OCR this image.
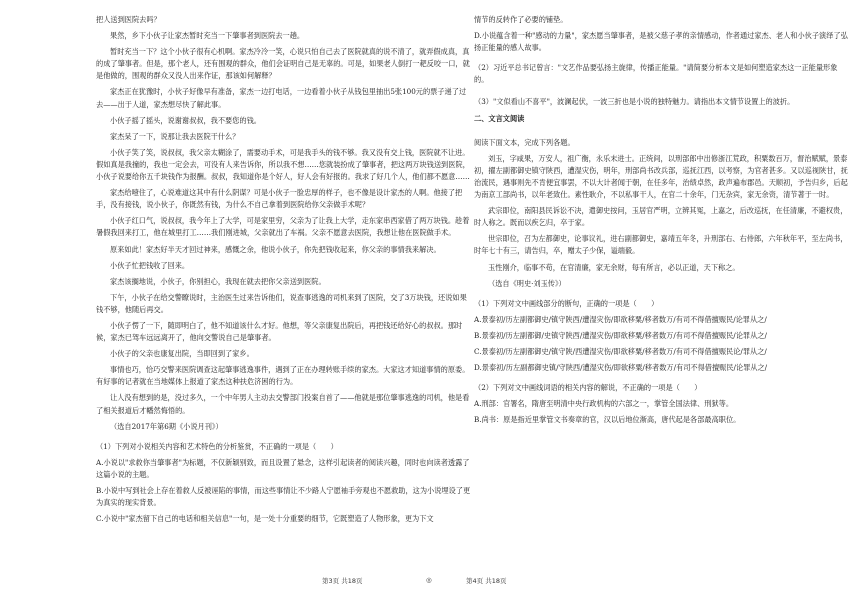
把人送到医院去吗？

果然，乡下小伙子让家杰暂时充当一下肇事者到医院去一趟。

暂时充当一下？这个小伙子很有心机啊。家杰冷冷一笑，心说只怕自己去了医院就真的说不清了，就弄假成真，真的成了肇事者。但是，那个老人，还有围观的群众，他们会证明自己是无辜的。可是，如果老人倒打一耙反咬一口，就是他做的，围观的群众又没人出来作证，那该如何解释？

家杰正在犹豫时，小伙子好像早有准备，家杰一边打电话，一边看着小伙子从钱包里抽出5张100元的票子递了过去——出于人道，家杰想尽快了解此事。

小伙子摇了摇头，说谢谢叔叔，我不要您的钱。

家杰呆了一下，说那让我去医院干什么？

小伙子笑了笑，说叔叔，我父亲太糊涂了，需要动手术，可是我手头的钱不够。我又没有交上钱，医院就不让进。假如真是我撞的，我也一定会去，可没有人来告诉你，所以我不想……您就装扮成了肇事者，把这两万块钱送到医院，小伙子说要给你五千块钱作为报酬。叔叔，我知道你是个好人，好人会有好报的。我求了好几个人，他们都不愿意……

家杰给噎住了，心说难道这其中有什么阴谋？可是小伙子一脸忠厚的样子，也不像是设计家杰的人啊。他接了把手，没有接钱，说小伙子，你既然有钱，为什么不自己拿着到医院给你父亲做手术呢？

小伙子红口气，说叔叔，我今年上了大学，可是家里穷，父亲为了让我上大学，走东家串西家借了两万块钱。趁着暑假我回来打工，他在城里打工……我们刚进城，父亲就出了车祸。父亲不愿意去医院，我想让他在医院做手术。

原来如此！家杰好半天才回过神来，感慨之余，他说小伙子，你先把钱收起来，你父亲的事情我来解决。

小伙子忙把钱收了回来。

家杰该搁地说，小伙子，你别担心，我现在就去把你父亲送到医院。

下午，小伙子在给交警瞭说时，主治医生过来告诉他们，说查事逃逸的司机来到了医院，交了3万块钱，还说如果钱不够，他随后再交。

小伙子愣了一下，随即明白了，他不知道该什么才好。他想，等父亲康复出院后，再把钱还给好心的叔叔。那时候，家杰已驾车远远离开了，他向交警说自己是肇事者。

小伙子的父亲也康复出院，当即回到了家乡。

事情也巧，恰巧交警来医院调查这起肇事逃逸事件，遇到了正在办理转账手续的家杰。大家这才知道事情的原委。有好事的记者就在当地媒体上报道了家杰这种扶危济困的行为。

让人没有想到的是，没过多久，一个中年男人主动去交警部门投案自首了——他就是那位肇事逃逸的司机，他是看了相关报道后才幡然悔悟的。

（选自2017年第6期《小说月刊》）

（1）下列对小说相关内容和艺术特色的分析鉴赏，不正确的一项是（　　）

A.小说以"求救你当肇事者"为标题，不仅新颖别致，而且设置了悬念，这样引起读者的阅读兴趣，同时也向读者透露了这篇小说的主题。

B.小说中写到社会上存在着救人反被诬陷的事情，而这些事情让不少路人宁愿袖手旁观也不愿救助，这为小说埋设了更为真实的现实背景。

C.小说中"家杰留下自己的电话和相关信息"一句，是一处十分重要的细节，它既塑造了人物形象，更为下文

情节的反转作了必要的铺垫。

D.小说蕴含着一种"感动的力量"，家杰愿当肇事者，是被父慈子孝的亲情感动，作者通过家杰、老人和小伙子演绎了弘扬正能量的感人故事。

（2）习近平总书记曾言："文艺作品要弘扬主旋律，传播正能量。"请简要分析本文是如何塑造家杰这一正能量形象的。

（3）"文似看山不喜平"，波澜起伏，一波三折也是小说的独特魅力。请指出本文情节设置上的波折。

二、文言文阅读

阅读下面文本，完成下列各题。

刘玉，字咸果，万安人，祖广衡，永乐末进士。正统间，以刑部郎中出修浙江荒政，积粟数百万，督治赋赋，景泰初，擢左副都御史镇守陕西，遭湿灾伤，明年，刑部尚书改兵部，巡抚江西，以考察，为官者甚多。又以巡视陕甘，抚治流民，遇事则先不肯便宜事罢，不以大计者闻于朝，在任多年，治绩卓然，政声遍布郡邑。天顺初，予告归乡，后起为南京工部尚书，以年老致仕。素性耿介，不以私事干人，在官二十余年，门无杂宾，家无余资，清节著于一时。

武宗即位，南阳县民诉讼不决，遣御史按问，玉居官严明，立辨其冤，上嘉之，后改巡抚，在任清廉，不避权贵，时人称之。既而以疾乞归，卒于家。

世宗即位，召为左都御史，论事议礼，进右副都御史，嘉靖五年冬，升刑部右、右侍郎，六年秋年平，至左尚书，时年七十有三，请告归，卒，赠太子少保，谥端毅。

玉性刚介，临事不苟，在官清廉，家无余财，每有所言，必以正道，天下称之。

（选自《明史·刘玉传》）

（1）下列对文中画线部分的断句，正确的一项是（　　）

A.景泰初/历左副都御史/镇守陕西/遭湿灾伤/即欲移粟/移者数万/有司不得借擅赈民/论罪从之/

B.景泰初/历左副都御/史镇守陕西/遭湿灾伤/即欲移粟/移者数万/有司不得借擅赈民/论罪从之/

C.景泰初/历左副都御史/镇守陕/西遭湿灾伤/即欲移粟/移者数万/有司不得借擅赈民论/罪从之/

D.景泰初/历左副都御史镇/守陕西/遭湿灾伤/即欲移粟/移者数万/有司不得借擅赈民/论罪从之/

（2）下列对文中画线词语的相关内容的解说，不正确的一项是（　　）

A.刑部：官署名，隋唐至明清中央行政机构的六部之一，掌管全国法律、刑狱等。

B.尚书：原是指近里掌管文书奏章的官，汉以后地位渐高，唐代起是各部最高职位。

第3页 共18页	◎	第4页 共18页
